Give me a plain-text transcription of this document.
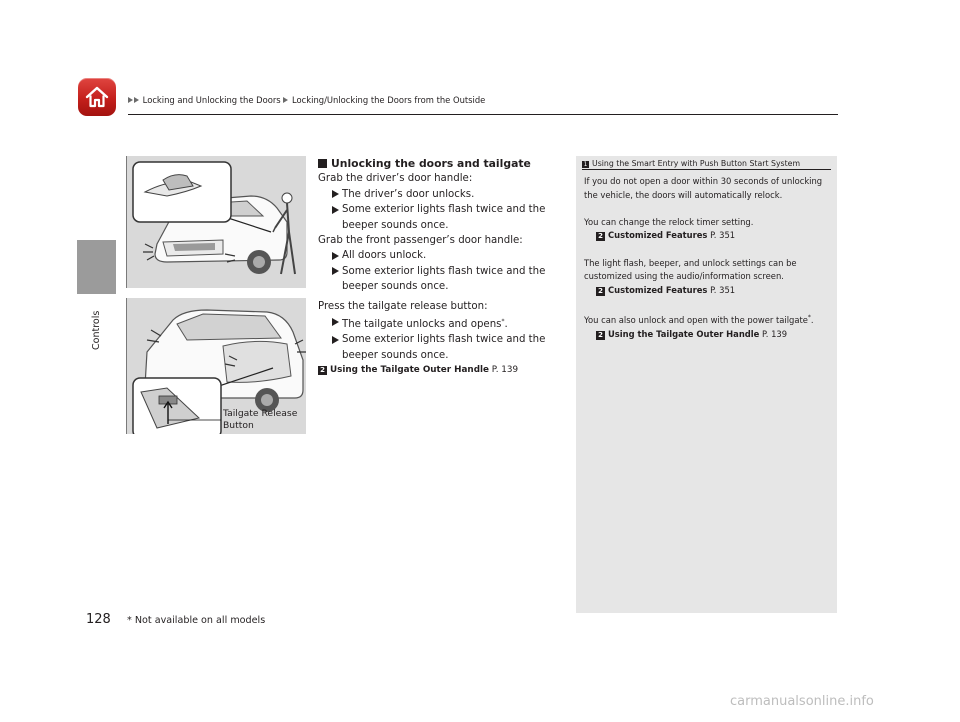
Locking and Unlocking the Doors Locking/Unlocking the Doors from the Outside
Controls
Tailgate Release
Button
Unlocking the doors and tailgate
Grab the driver’s door handle:
The driver’s door unlocks.
Some exterior lights flash twice and the beeper sounds once.
Grab the front passenger’s door handle:
All doors unlock.
Some exterior lights flash twice and the beeper sounds once.
Press the tailgate release button:
The tailgate unlocks and opens*.
Some exterior lights flash twice and the beeper sounds once.
2 Using the Tailgate Outer Handle P. 139
1 Using the Smart Entry with Push Button Start System

If you do not open a door within 30 seconds of unlocking the vehicle, the doors will automatically relock.

You can change the relock timer setting.
2 Customized Features P. 351

The light flash, beeper, and unlock settings can be customized using the audio/information screen.
2 Customized Features P. 351

You can also unlock and open with the power tailgate*.
2 Using the Tailgate Outer Handle P. 139

128 * Not available on all models
carmanualsonline.info
